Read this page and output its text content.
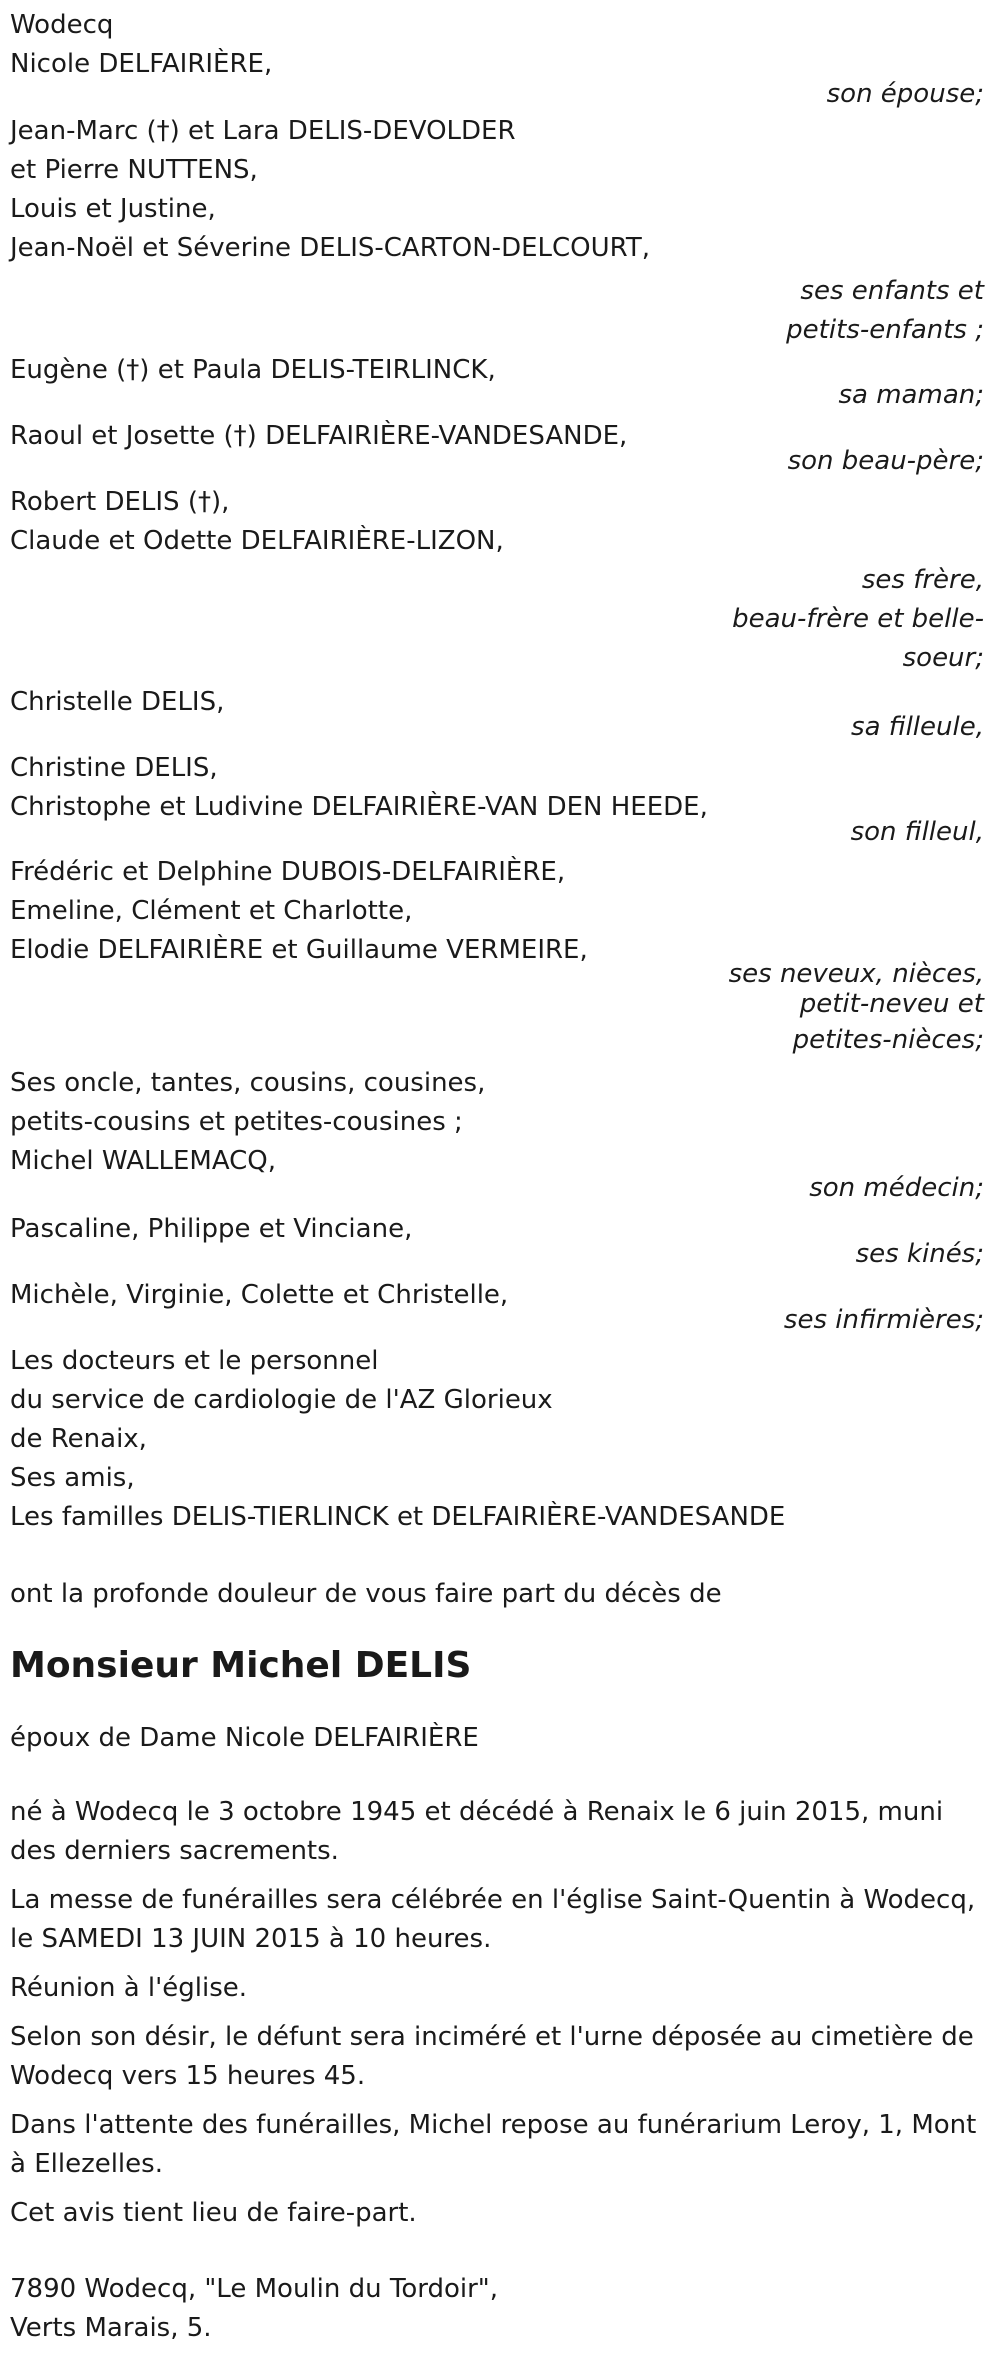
Wodecq
Nicole DELFAIRIÈRE,
son épouse;
Jean-Marc (†) et Lara DELIS-DEVOLDER
et Pierre NUTTENS,
Louis et Justine,
Jean-Noël et Séverine DELIS-CARTON-DELCOURT,
ses enfants et
petits-enfants ;
Eugène (†) et Paula DELIS-TEIRLINCK,
sa maman;
Raoul et Josette (†) DELFAIRIÈRE-VANDESANDE,
son beau-père;
Robert DELIS (†),
Claude et Odette DELFAIRIÈRE-LIZON,
ses frère,
beau-frère et belle-
soeur;
Christelle DELIS,
sa filleule,
Christine DELIS,
Christophe et Ludivine DELFAIRIÈRE-VAN DEN HEEDE,
son filleul,
Frédéric et Delphine DUBOIS-DELFAIRIÈRE,
Emeline, Clément et Charlotte,
Elodie DELFAIRIÈRE et Guillaume VERMEIRE,
ses neveux, nièces,
petit-neveu et
petites-nièces;
Ses oncle, tantes, cousins, cousines,
petits-cousins et petites-cousines ;
Michel WALLEMACQ,
son médecin;
Pascaline, Philippe et Vinciane,
ses kinés;
Michèle, Virginie, Colette et Christelle,
ses infirmières;
Les docteurs et le personnel
du service de cardiologie de l'AZ Glorieux
de Renaix,
Ses amis,
Les familles DELIS-TIERLINCK et DELFAIRIÈRE-VANDESANDE
ont la profonde douleur de vous faire part du décès de
Monsieur Michel DELIS
époux de Dame Nicole DELFAIRIÈRE
né à Wodecq le 3 octobre 1945 et décédé à Renaix le 6 juin 2015, muni des derniers sacrements.
La messe de funérailles sera célébrée en l'église Saint-Quentin à Wodecq, le SAMEDI 13 JUIN 2015 à 10 heures.
Réunion à l'église.
Selon son désir, le défunt sera inciméré et l'urne déposée au cimetière de Wodecq vers 15 heures 45.
Dans l'attente des funérailles, Michel repose au funérarium Leroy, 1, Mont à Ellezelles.
Cet avis tient lieu de faire-part.
7890 Wodecq, "Le Moulin du Tordoir",
Verts Marais, 5.
